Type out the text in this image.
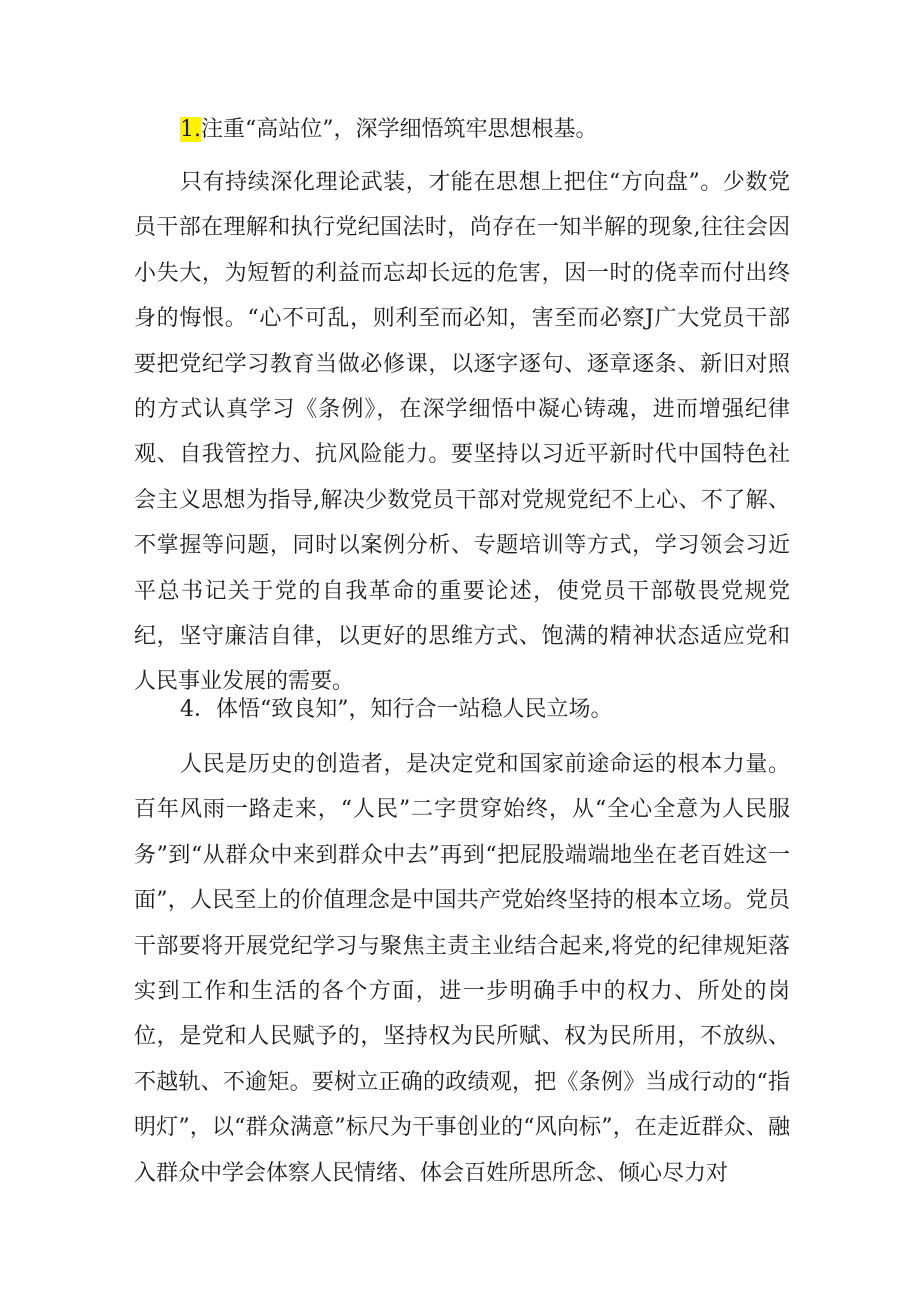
1.注重“高站位”，深学细悟筑牢思想根基。

只有持续深化理论武装，才能在思想上把住“方向盘”。少数党员干部在理解和执行党纪国法时，尚存在一知半解的现象,往往会因小失大，为短暂的利益而忘却长远的危害，因一时的侥幸而付出终身的悔恨。“心不可乱，则利至而必知，害至而必察J广大党员干部要把党纪学习教育当做必修课，以逐字逐句、逐章逐条、新旧对照的方式认真学习《条例》，在深学细悟中凝心铸魂，进而增强纪律观、自我管控力、抗风险能力。要坚持以习近平新时代中国特色社会主义思想为指导,解决少数党员干部对党规党纪不上心、不了解、不掌握等问题，同时以案例分析、专题培训等方式，学习领会习近平总书记关于党的自我革命的重要论述，使党员干部敬畏党规党纪，坚守廉洁自律，以更好的思维方式、饱满的精神状态适应党和人民事业发展的需要。

4．体悟“致良知”，知行合一站稳人民立场。

人民是历史的创造者，是决定党和国家前途命运的根本力量。百年风雨一路走来，“人民”二字贯穿始终，从“全心全意为人民服务”到“从群众中来到群众中去”再到“把屁股端端地坐在老百姓这一面”，人民至上的价值理念是中国共产党始终坚持的根本立场。党员干部要将开展党纪学习与聚焦主责主业结合起来,将党的纪律规矩落实到工作和生活的各个方面，进一步明确手中的权力、所处的岗位，是党和人民赋予的，坚持权为民所赋、权为民所用，不放纵、不越轨、不逾矩。要树立正确的政绩观，把《条例》当成行动的“指明灯”，以“群众满意”标尺为干事创业的“风向标”，在走近群众、融入群众中学会体察人民情绪、体会百姓所思所念、倾心尽力对
